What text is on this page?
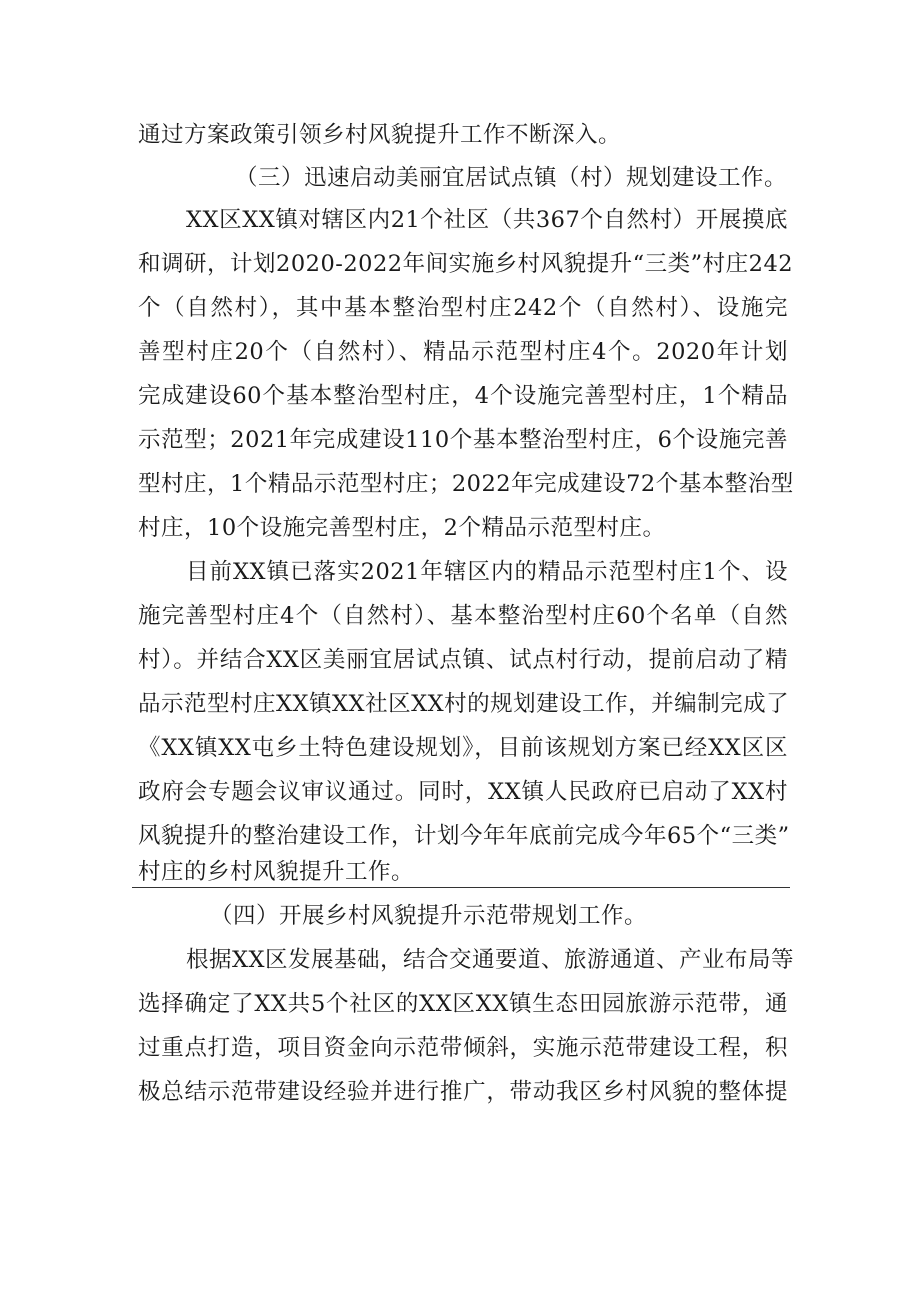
通过方案政策引领乡村风貌提升工作不断深入。
（三）迅速启动美丽宜居试点镇（村）规划建设工作。
XX区XX镇对辖区内21个社区（共367个自然村）开展摸底
和调研，计划2020-2022年间实施乡村风貌提升“三类”村庄242
个（自然村），其中基本整治型村庄242个（自然村）、设施完
善型村庄20个（自然村）、精品示范型村庄4个。2020年计划
完成建设60个基本整治型村庄，4个设施完善型村庄，1个精品
示范型；2021年完成建设110个基本整治型村庄，6个设施完善
型村庄，1个精品示范型村庄；2022年完成建设72个基本整治型
村庄，10个设施完善型村庄，2个精品示范型村庄。
目前XX镇已落实2021年辖区内的精品示范型村庄1个、设
施完善型村庄4个（自然村）、基本整治型村庄60个名单（自然
村）。并结合XX区美丽宜居试点镇、试点村行动，提前启动了精
品示范型村庄XX镇XX社区XX村的规划建设工作，并编制完成了
《XX镇XX屯乡土特色建设规划》，目前该规划方案已经XX区区
政府会专题会议审议通过。同时，XX镇人民政府已启动了XX村
风貌提升的整治建设工作，计划今年年底前完成今年65个“三类”
村庄的乡村风貌提升工作。
（四）开展乡村风貌提升示范带规划工作。
根据XX区发展基础，结合交通要道、旅游通道、产业布局等
选择确定了XX共5个社区的XX区XX镇生态田园旅游示范带，通
过重点打造，项目资金向示范带倾斜，实施示范带建设工程，积
极总结示范带建设经验并进行推广，带动我区乡村风貌的整体提
